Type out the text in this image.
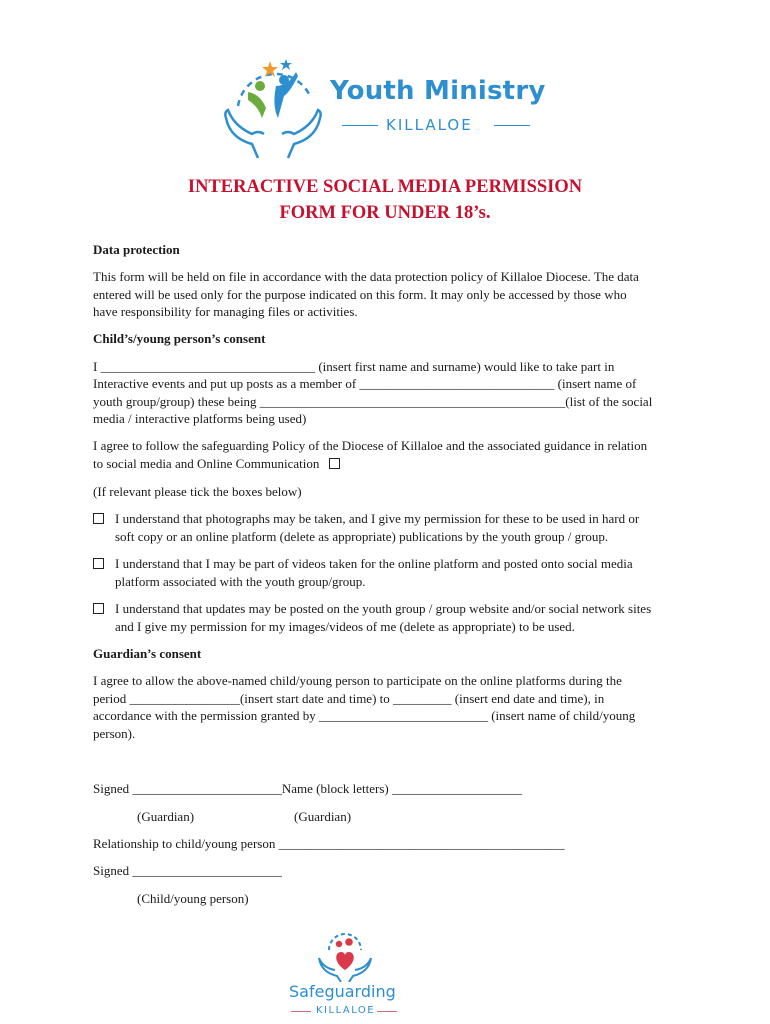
Youth Ministry
KILLALOE
INTERACTIVE SOCIAL MEDIA PERMISSION
FORM FOR UNDER 18’s.
Data protection
This form will be held on file in accordance with the data protection policy of Killaloe Diocese. The data
entered will be used only for the purpose indicated on this form. It may only be accessed by those who
have responsibility for managing files or activities.
Child’s/young person’s consent
I _________________________________ (insert first name and surname) would like to take part in
Interactive events and put up posts as a member of ______________________________ (insert name of
youth group/group) these being _______________________________________________(list of the social
media / interactive platforms being used)
I agree to follow the safeguarding Policy of the Diocese of Killaloe and the associated guidance in relation
to social media and Online Communication
(If relevant please tick the boxes below)
I understand that photographs may be taken, and I give my permission for these to be used in hard or
soft copy or an online platform (delete as appropriate) publications by the youth group / group.
I understand that I may be part of videos taken for the online platform and posted onto social media
platform associated with the youth group/group.
I understand that updates may be posted on the youth group / group website and/or social network sites
and I give my permission for my images/videos of me (delete as appropriate) to be used.
Guardian’s consent
I agree to allow the above-named child/young person to participate on the online platforms during the
period _________________(insert start date and time) to _________ (insert end date and time), in
accordance with the permission granted by __________________________ (insert name of child/young
person).
Signed _______________________Name (block letters) ____________________
(Guardian)	(Guardian)
Relationship to child/young person ____________________________________________
Signed _______________________
(Child/young person)
Safeguarding
KILLALOE
